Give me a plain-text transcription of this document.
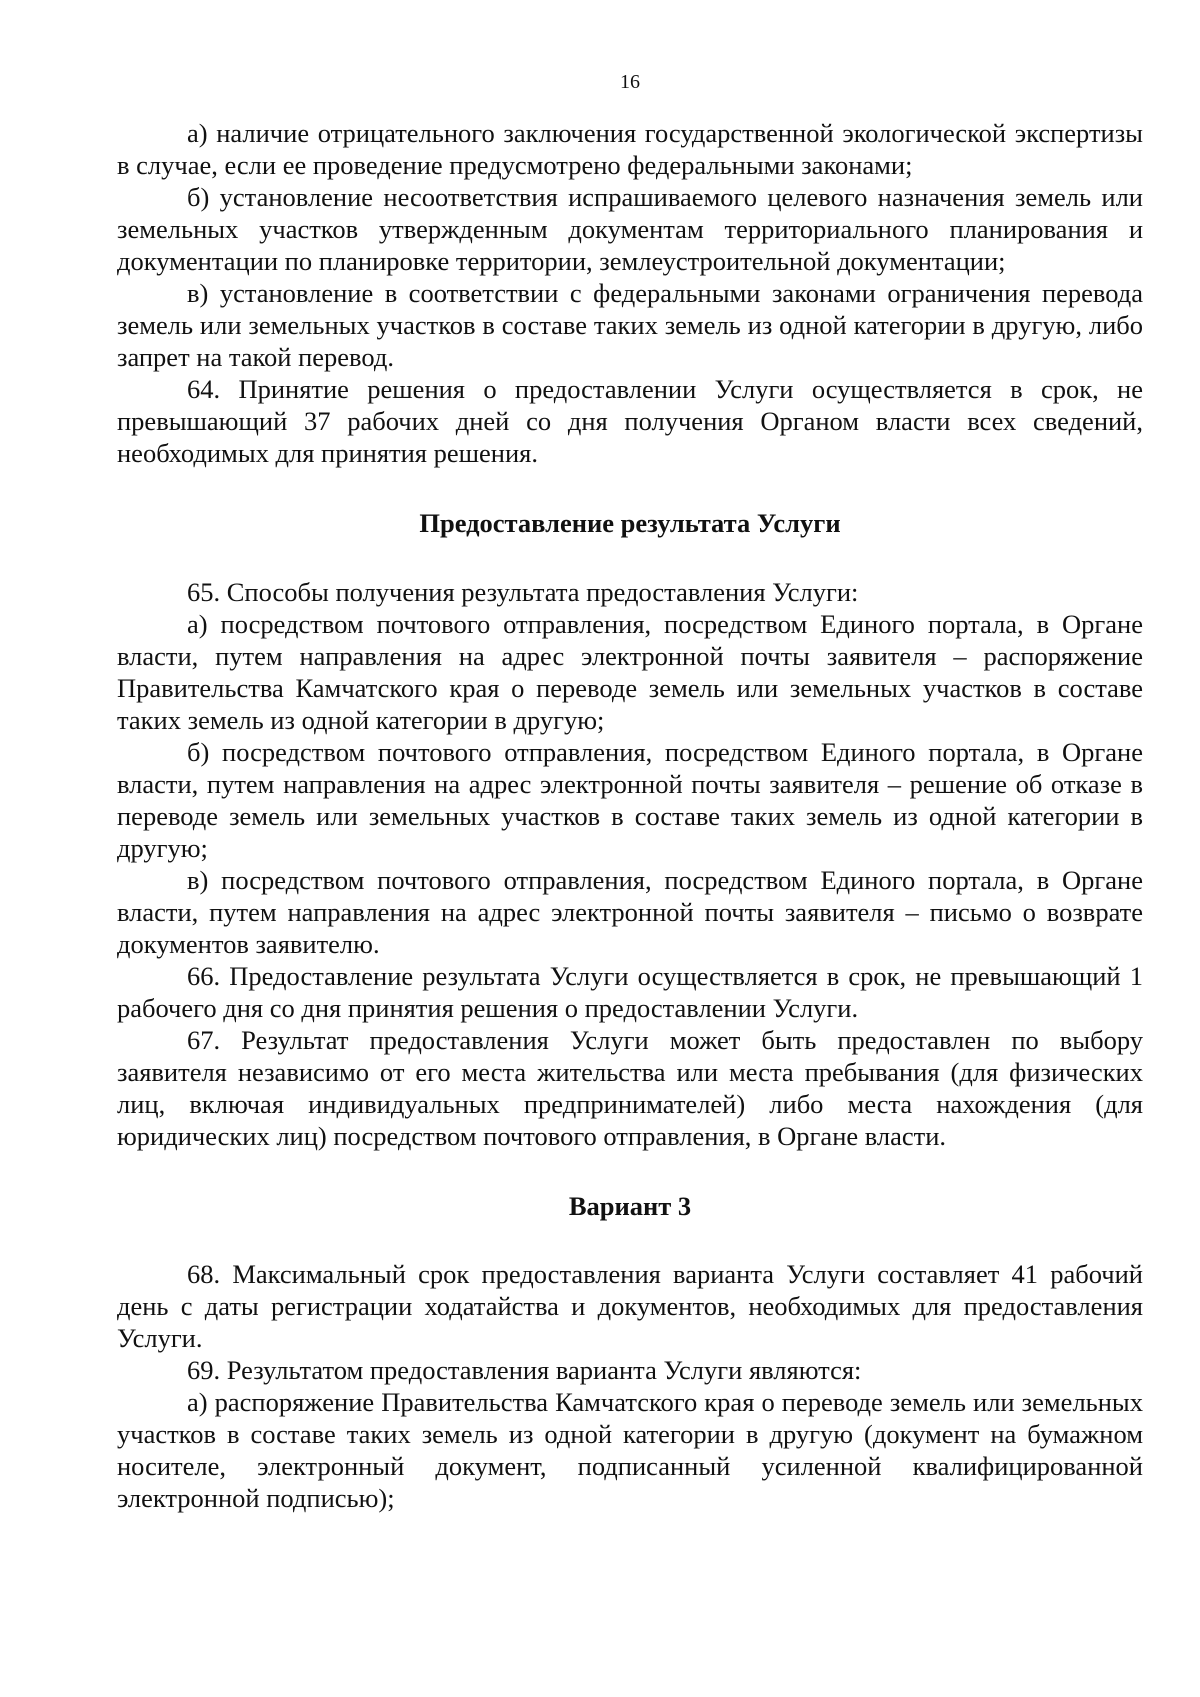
16

а) наличие отрицательного заключения государственной экологической экспертизы в случае, если ее проведение предусмотрено федеральными законами;

б) установление несоответствия испрашиваемого целевого назначения земель или земельных участков утвержденным документам территориального планирования и документации по планировке территории, землеустроительной документации;

в) установление в соответствии с федеральными законами ограничения перевода земель или земельных участков в составе таких земель из одной категории в другую, либо запрет на такой перевод.

64. Принятие решения о предоставлении Услуги осуществляется в срок, не превышающий 37 рабочих дней со дня получения Органом власти всех сведений, необходимых для принятия решения.

Предоставление результата Услуги

65. Способы получения результата предоставления Услуги:

а) посредством почтового отправления, посредством Единого портала, в Органе власти, путем направления на адрес электронной почты заявителя – распоряжение Правительства Камчатского края о переводе земель или земельных участков в составе таких земель из одной категории в другую;

б) посредством почтового отправления, посредством Единого портала, в Органе власти, путем направления на адрес электронной почты заявителя – решение об отказе в переводе земель или земельных участков в составе таких земель из одной категории в другую;

в) посредством почтового отправления, посредством Единого портала, в Органе власти, путем направления на адрес электронной почты заявителя – письмо о возврате документов заявителю.

66. Предоставление результата Услуги осуществляется в срок, не превышающий 1 рабочего дня со дня принятия решения о предоставлении Услуги.

67. Результат предоставления Услуги может быть предоставлен по выбору заявителя независимо от его места жительства или места пребывания (для физических лиц, включая индивидуальных предпринимателей) либо места нахождения (для юридических лиц) посредством почтового отправления, в Органе власти.

Вариант 3

68. Максимальный срок предоставления варианта Услуги составляет 41 рабочий день с даты регистрации ходатайства и документов, необходимых для предоставления Услуги.

69. Результатом предоставления варианта Услуги являются:

а) распоряжение Правительства Камчатского края о переводе земель или земельных участков в составе таких земель из одной категории в другую (документ на бумажном носителе, электронный документ, подписанный усиленной квалифицированной электронной подписью);
